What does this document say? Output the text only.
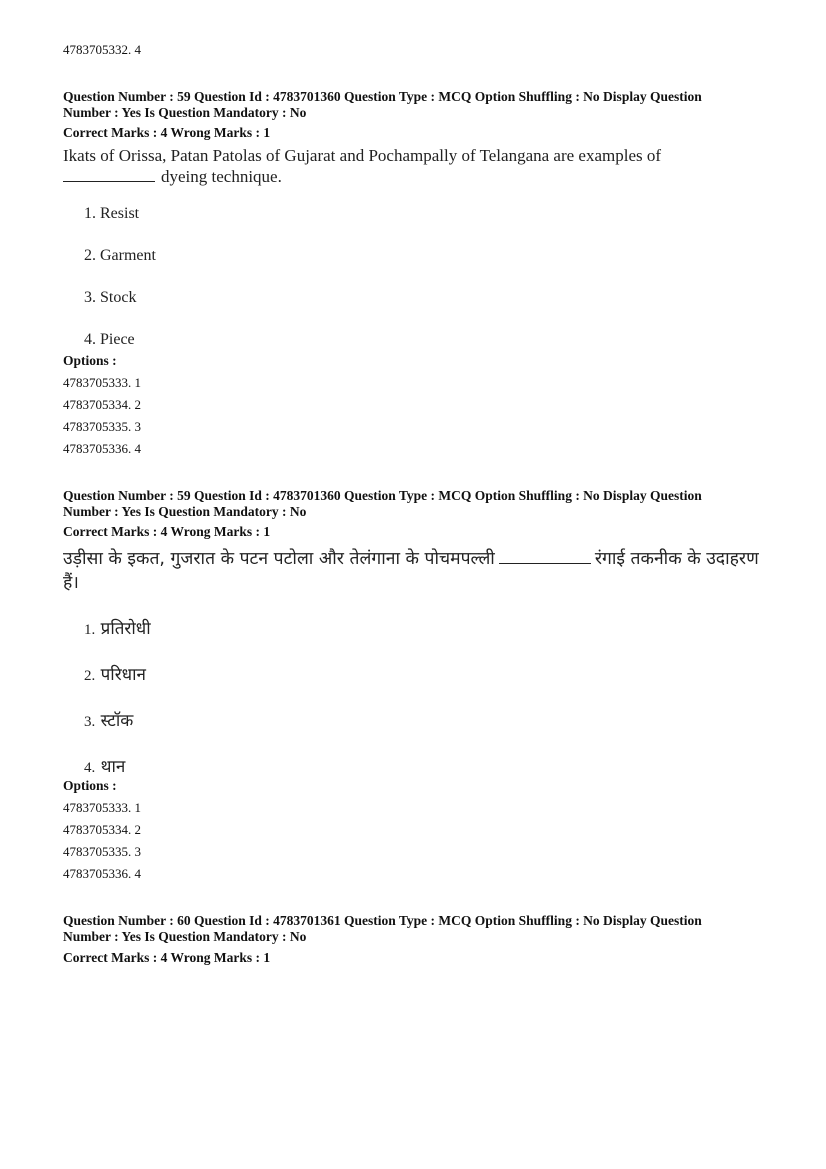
4783705332. 4
Question Number : 59 Question Id : 4783701360 Question Type : MCQ Option Shuffling : No Display Question
Number : Yes Is Question Mandatory : No
Correct Marks : 4 Wrong Marks : 1
Ikats of Orissa, Patan Patolas of Gujarat and Pochampally of Telangana are examples of
dyeing technique.
1. Resist
2. Garment
3. Stock
4. Piece
Options :
4783705333. 1
4783705334. 2
4783705335. 3
4783705336. 4
Question Number : 59 Question Id : 4783701360 Question Type : MCQ Option Shuffling : No Display Question
Number : Yes Is Question Mandatory : No
Correct Marks : 4 Wrong Marks : 1
उड़ीसा के इकत, गुजरात के पटन पटोला और तेलंगाना के पोचमपल्ली	रंगाई तकनीक के उदाहरण हैं।
1. प्रतिरोधी
2. परिधान
3. स्टॉक
4. थान
Options :
4783705333. 1
4783705334. 2
4783705335. 3
4783705336. 4
Question Number : 60 Question Id : 4783701361 Question Type : MCQ Option Shuffling : No Display Question
Number : Yes Is Question Mandatory : No
Correct Marks : 4 Wrong Marks : 1
